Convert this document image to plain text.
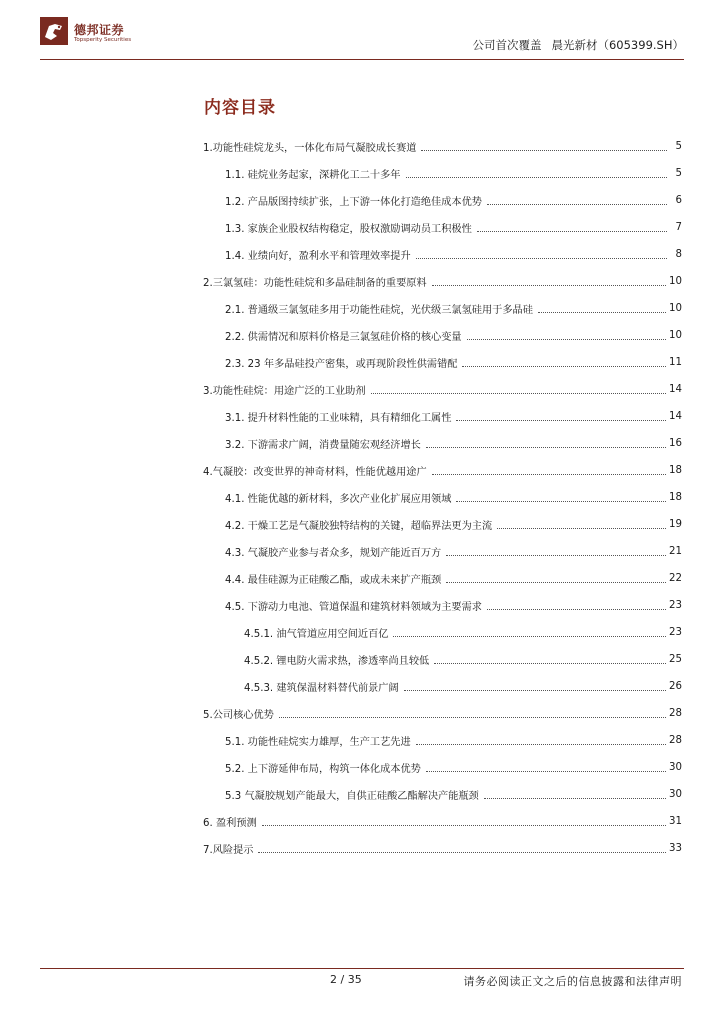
德邦证券
Topsperity Securities	公司首次覆盖 晨光新材（605399.SH）
内容目录
1.功能性硅烷龙头，一体化布局气凝胶成长赛道	5
1.1. 硅烷业务起家，深耕化工二十多年	5
1.2. 产品版图持续扩张，上下游一体化打造绝佳成本优势	6
1.3. 家族企业股权结构稳定，股权激励调动员工积极性	7
1.4. 业绩向好，盈利水平和管理效率提升	8
2.三氯氢硅：功能性硅烷和多晶硅制备的重要原料	10
2.1. 普通级三氯氢硅多用于功能性硅烷，光伏级三氯氢硅用于多晶硅	10
2.2. 供需情况和原料价格是三氯氢硅价格的核心变量	10
2.3. 23 年多晶硅投产密集，或再现阶段性供需错配	11
3.功能性硅烷：用途广泛的工业助剂	14
3.1. 提升材料性能的工业味精，具有精细化工属性	14
3.2. 下游需求广阔，消费量随宏观经济增长	16
4.气凝胶：改变世界的神奇材料，性能优越用途广	18
4.1. 性能优越的新材料，多次产业化扩展应用领域	18
4.2. 干燥工艺是气凝胶独特结构的关键，超临界法更为主流	19
4.3. 气凝胶产业参与者众多，规划产能近百万方	21
4.4. 最佳硅源为正硅酸乙酯，或成未来扩产瓶颈	22
4.5. 下游动力电池、管道保温和建筑材料领域为主要需求	23
4.5.1. 油气管道应用空间近百亿	23
4.5.2. 锂电防火需求热，渗透率尚且较低	25
4.5.3. 建筑保温材料替代前景广阔	26
5.公司核心优势	28
5.1. 功能性硅烷实力雄厚，生产工艺先进	28
5.2. 上下游延伸布局，构筑一体化成本优势	30
5.3 气凝胶规划产能最大，自供正硅酸乙酯解决产能瓶颈	30
6. 盈利预测	31
7.风险提示	33
2 / 35	请务必阅读正文之后的信息披露和法律声明
